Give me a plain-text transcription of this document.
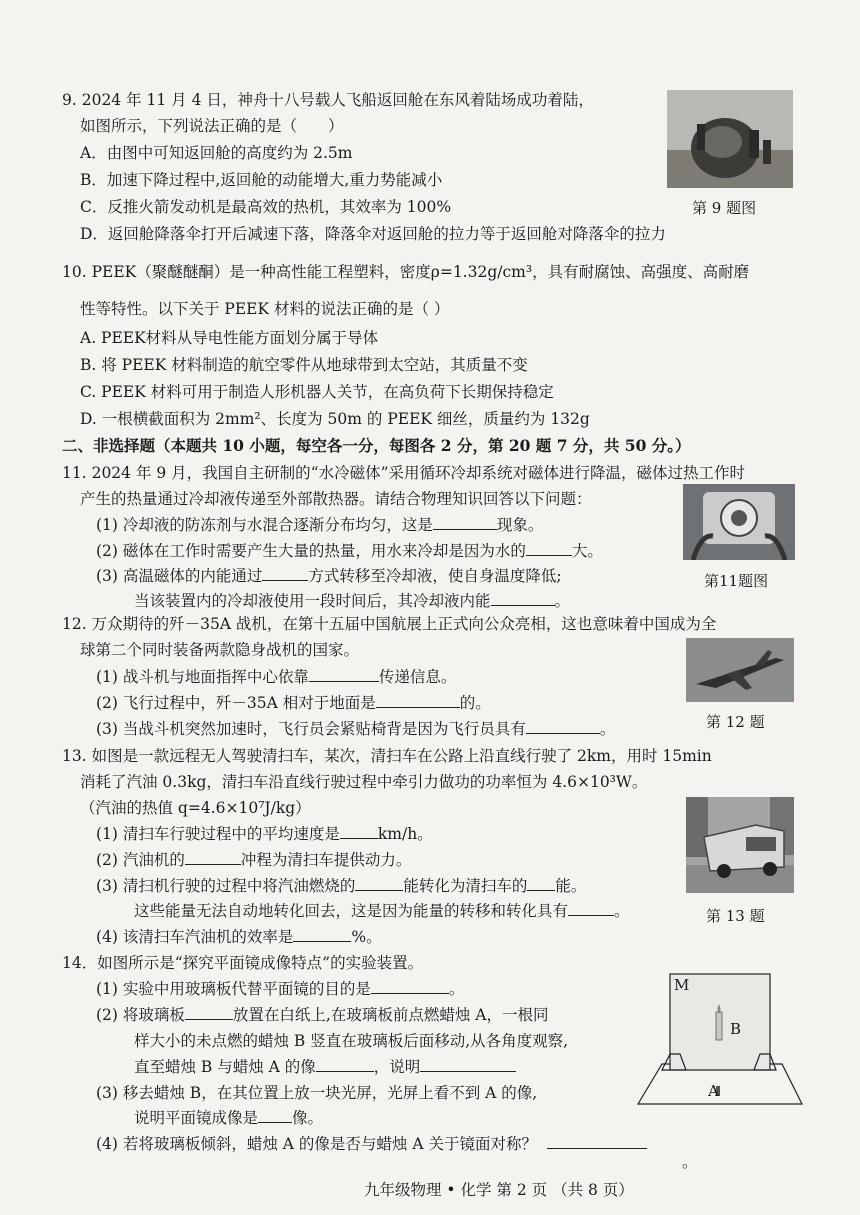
9. 2024 年 11 月 4 日，神舟十八号载人飞船返回舱在东风着陆场成功着陆，
如图所示，下列说法正确的是（　　）
A．由图中可知返回舱的高度约为 2.5m
B．加速下降过程中,返回舱的动能增大,重力势能减小
C．反推火箭发动机是最高效的热机，其效率为 100%
D．返回舱降落伞打开后减速下落，降落伞对返回舱的拉力等于返回舱对降落伞的拉力
第 9 题图
10. PEEK（聚醚醚酮）是一种高性能工程塑料，密度ρ=1.32g/cm³，具有耐腐蚀、高强度、高耐磨
性等特性。以下关于 PEEK 材料的说法正确的是（ ）
A. PEEK材料从导电性能方面划分属于导体
B. 将 PEEK 材料制造的航空零件从地球带到太空站，其质量不变
C. PEEK 材料可用于制造人形机器人关节，在高负荷下长期保持稳定
D. 一根横截面积为 2mm²、长度为 50m 的 PEEK 细丝，质量约为 132g
二、非选择题（本题共 10 小题，每空各一分，每图各 2 分，第 20 题 7 分，共 50 分。）
11. 2024 年 9 月，我国自主研制的“水冷磁体”采用循环冷却系统对磁体进行降温，磁体过热工作时
产生的热量通过冷却液传递至外部散热器。请结合物理知识回答以下问题：
(1) 冷却液的防冻剂与水混合逐渐分布均匀，这是	现象。
(2) 磁体在工作时需要产生大量的热量，用水来冷却是因为水的	大。
(3) 高温磁体的内能通过	方式转移至冷却液，使自身温度降低;
当该装置内的冷却液使用一段时间后，其冷却液内能	。
第11题图
12. 万众期待的歼－35A 战机，在第十五届中国航展上正式向公众亮相，这也意味着中国成为全
球第二个同时装备两款隐身战机的国家。
(1) 战斗机与地面指挥中心依靠	传递信息。
(2) 飞行过程中，歼－35A 相对于地面是	的。
(3) 当战斗机突然加速时，飞行员会紧贴椅背是因为飞行员具有	。	第 12 题
13. 如图是一款远程无人驾驶清扫车，某次，清扫车在公路上沿直线行驶了 2km，用时 15min
消耗了汽油 0.3kg，清扫车沿直线行驶过程中牵引力做功的功率恒为 4.6×10³W。
（汽油的热值 q=4.6×10⁷J/kg）
(1) 清扫车行驶过程中的平均速度是 km/h。
(2) 汽油机的	冲程为清扫车提供动力。
(3) 清扫机行驶的过程中将汽油燃烧的	能转化为清扫车的 能。
这些能量无法自动地转化回去，这是因为能量的转移和转化具有	。
(4) 该清扫车汽油机的效率是	%。
第 13 题
14．如图所示是“探究平面镜成像特点”的实验装置。
(1) 实验中用玻璃板代替平面镜的目的是	。
(2) 将玻璃板	放置在白纸上,在玻璃板前点燃蜡烛 A，一根同
样大小的未点燃的蜡烛 B 竖直在玻璃板后面移动,从各角度观察,
直至蜡烛 B 与蜡烛 A 的像	，说明
(3) 移去蜡烛 B，在其位置上放一块光屏，光屏上看不到 A 的像,
说明平面镜成像是 像。
(4) 若将玻璃板倾斜，蜡烛 A 的像是否与蜡烛 A 关于镜面对称？
。
M
B
A
九年级物理 • 化学 第 2 页 （共 8 页）
